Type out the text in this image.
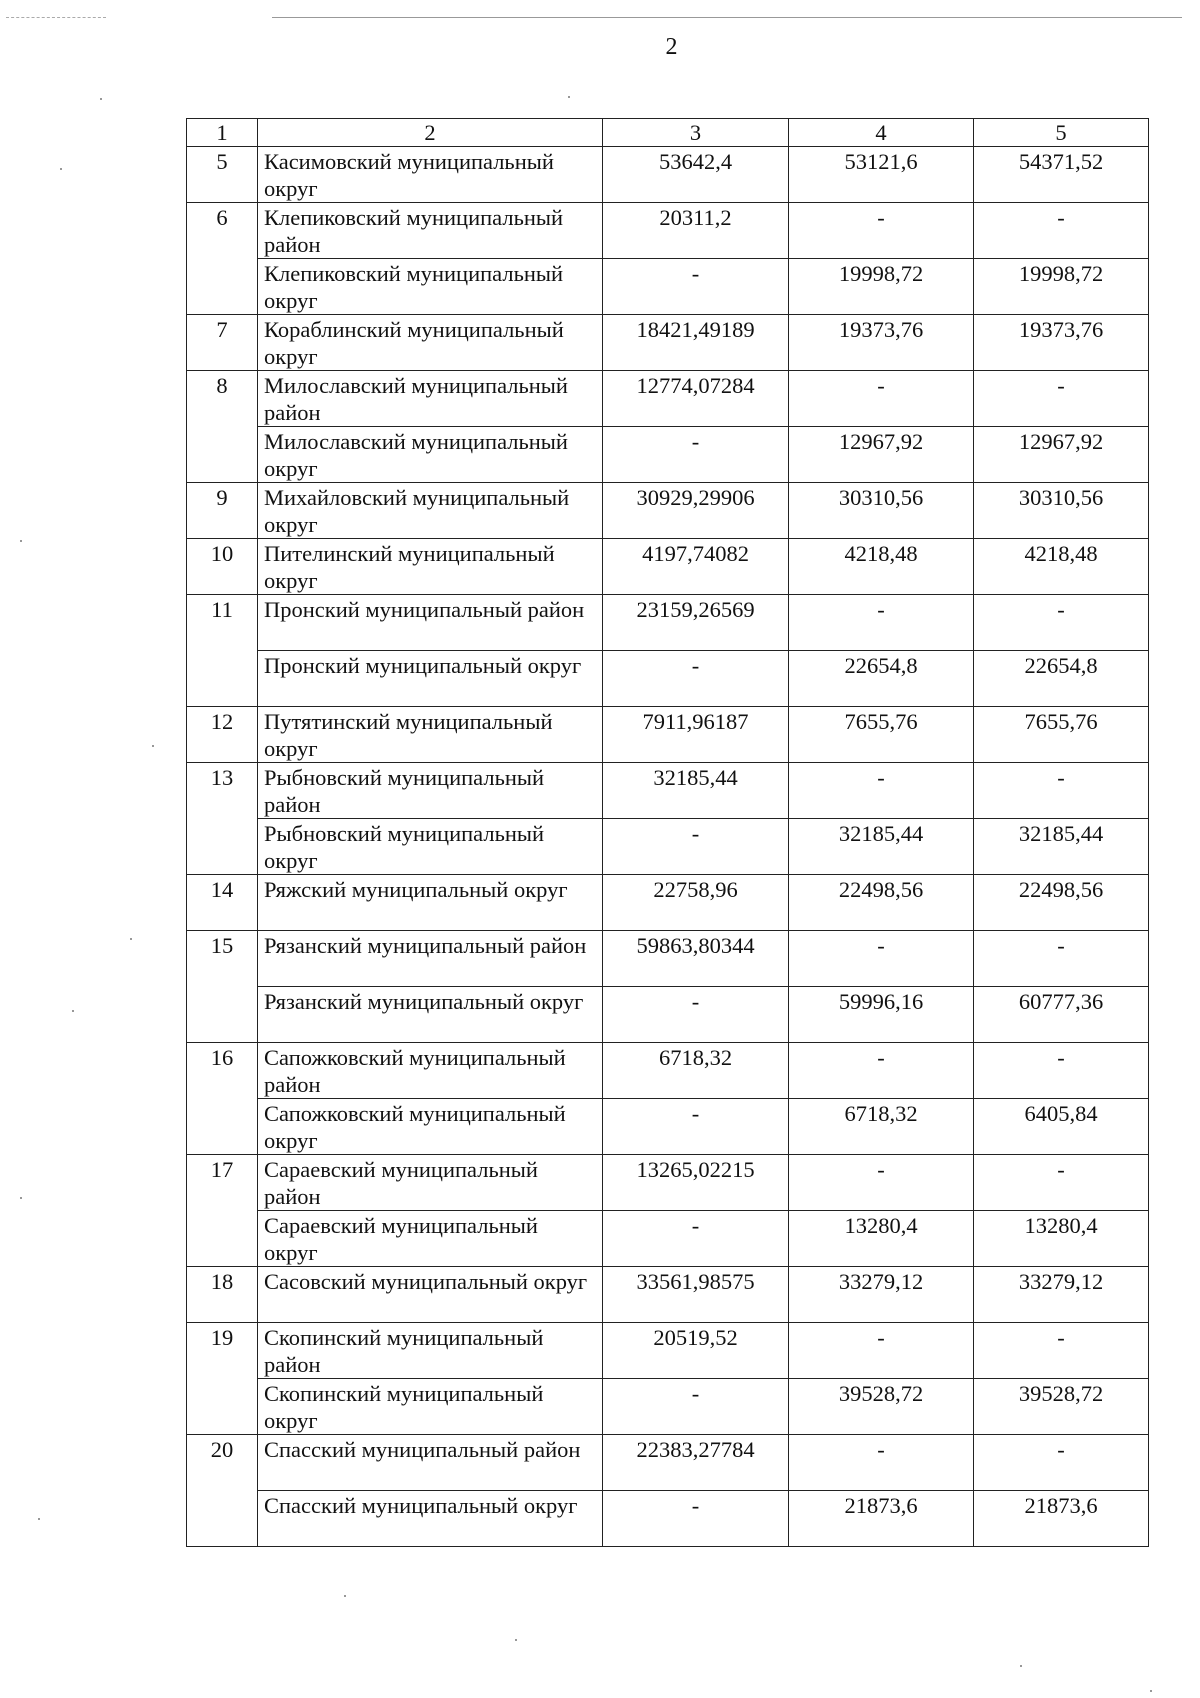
2
1	2	3	4	5
5	Касимовский муниципальный округ	53642,4	53121,6	54371,52
6	Клепиковский муниципальный район	20311,2	-	-
	Клепиковский муниципальный округ	-	19998,72	19998,72
7	Кораблинский муниципальный округ	18421,49189	19373,76	19373,76
8	Милославский муниципальный район	12774,07284	-	-
	Милославский муниципальный округ	-	12967,92	12967,92
9	Михайловский муниципальный округ	30929,29906	30310,56	30310,56
10	Пителинский муниципальный округ	4197,74082	4218,48	4218,48
11	Пронский муниципальный район	23159,26569	-	-
	Пронский муниципальный округ	-	22654,8	22654,8
12	Путятинский муниципальный округ	7911,96187	7655,76	7655,76
13	Рыбновский муниципальный район	32185,44	-	-
	Рыбновский муниципальный округ	-	32185,44	32185,44
14	Ряжский муниципальный округ	22758,96	22498,56	22498,56
15	Рязанский муниципальный район	59863,80344	-	-
	Рязанский муниципальный округ	-	59996,16	60777,36
16	Сапожковский муниципальный район	6718,32	-	-
	Сапожковский муниципальный округ	-	6718,32	6405,84
17	Сараевский муниципальный район	13265,02215	-	-
	Сараевский муниципальный округ	-	13280,4	13280,4
18	Сасовский муниципальный округ	33561,98575	33279,12	33279,12
19	Скопинский муниципальный район	20519,52	-	-
	Скопинский муниципальный округ	-	39528,72	39528,72
20	Спасский муниципальный район	22383,27784	-	-
	Спасский муниципальный округ	-	21873,6	21873,6
